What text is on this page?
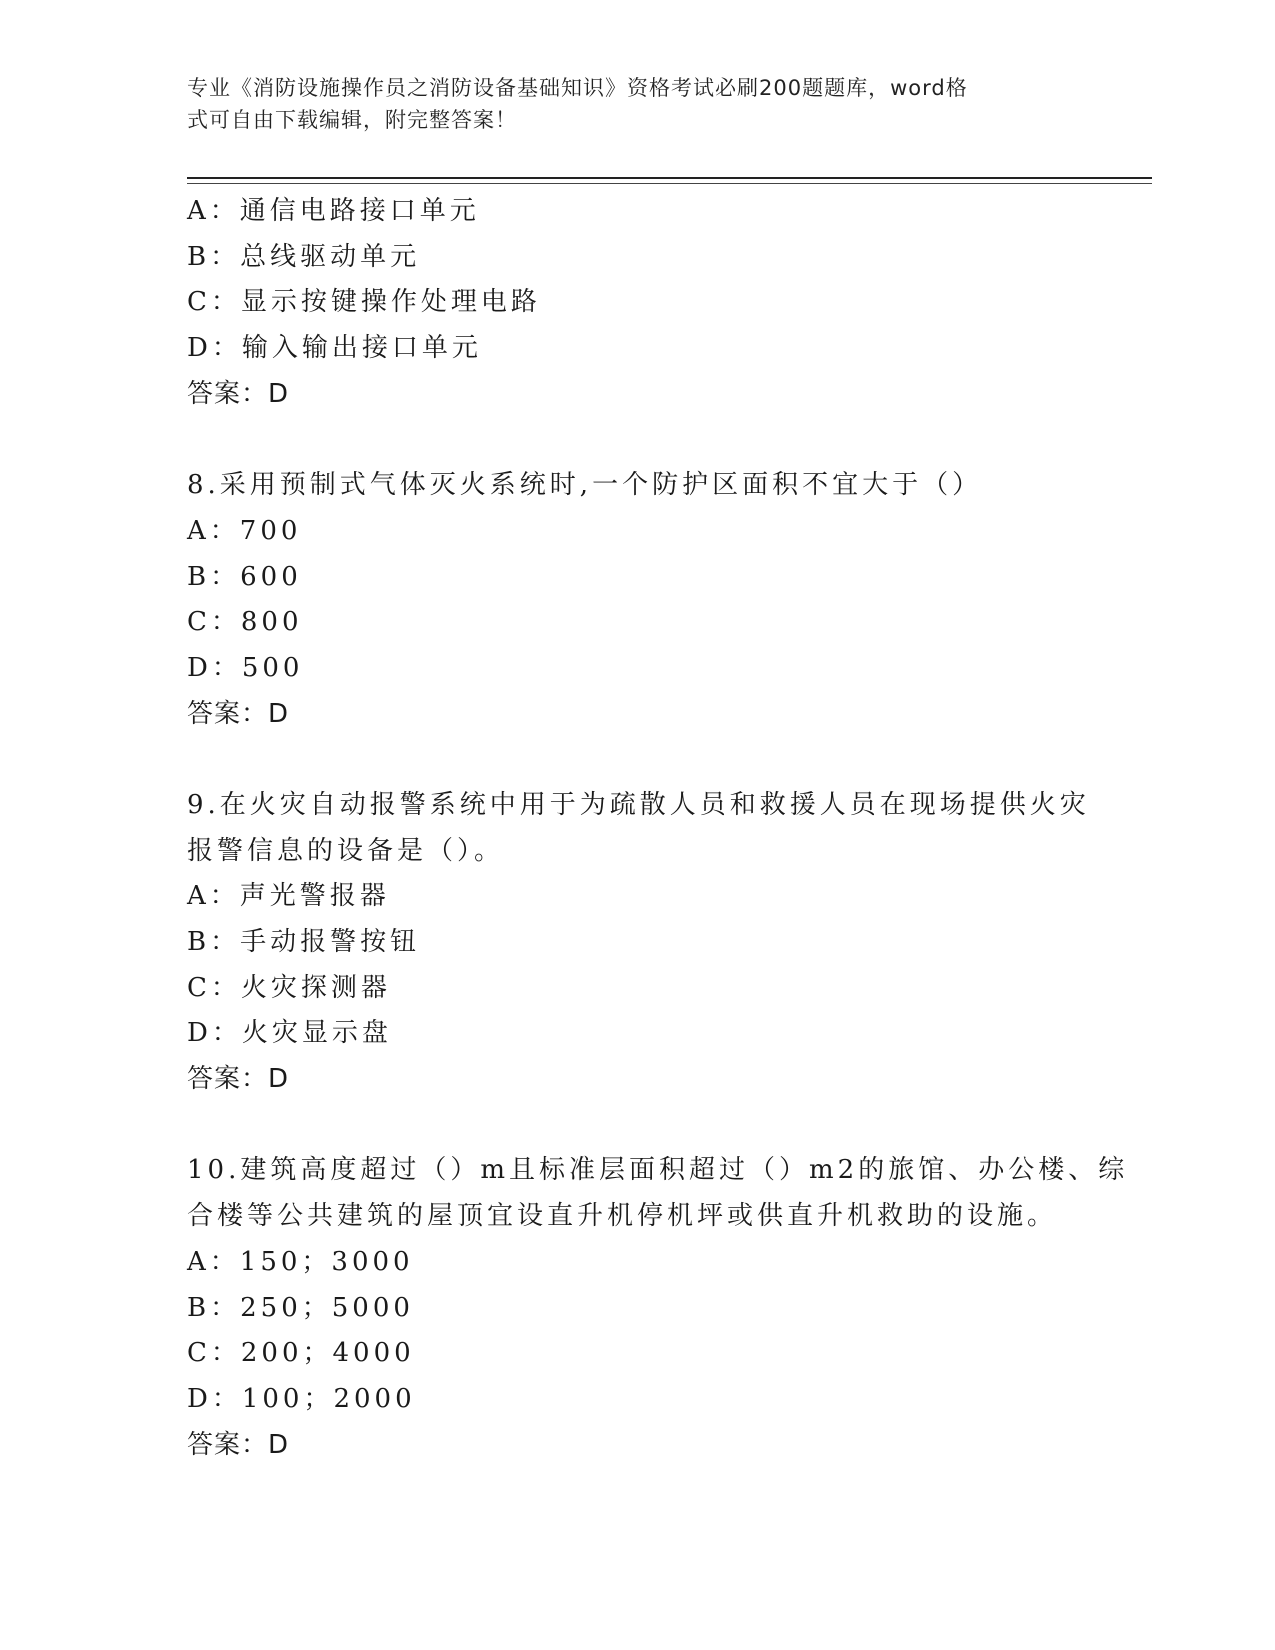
专业《消防设施操作员之消防设备基础知识》资格考试必刷200题题库，word格
式可自由下载编辑，附完整答案！
A：通信电路接口单元
B：总线驱动单元
C：显示按键操作处理电路
D：输入输出接口单元
答案：D
8.采用预制式气体灭火系统时,一个防护区面积不宜大于（）
A：700
B：600
C：800
D：500
答案：D
9.在火灾自动报警系统中用于为疏散人员和救援人员在现场提供火灾
报警信息的设备是（）。
A：声光警报器
B：手动报警按钮
C：火灾探测器
D：火灾显示盘
答案：D
10.建筑高度超过（）m且标准层面积超过（）m2的旅馆、办公楼、综
合楼等公共建筑的屋顶宜设直升机停机坪或供直升机救助的设施。
A：150；3000
B：250；5000
C：200；4000
D：100；2000
答案：D
